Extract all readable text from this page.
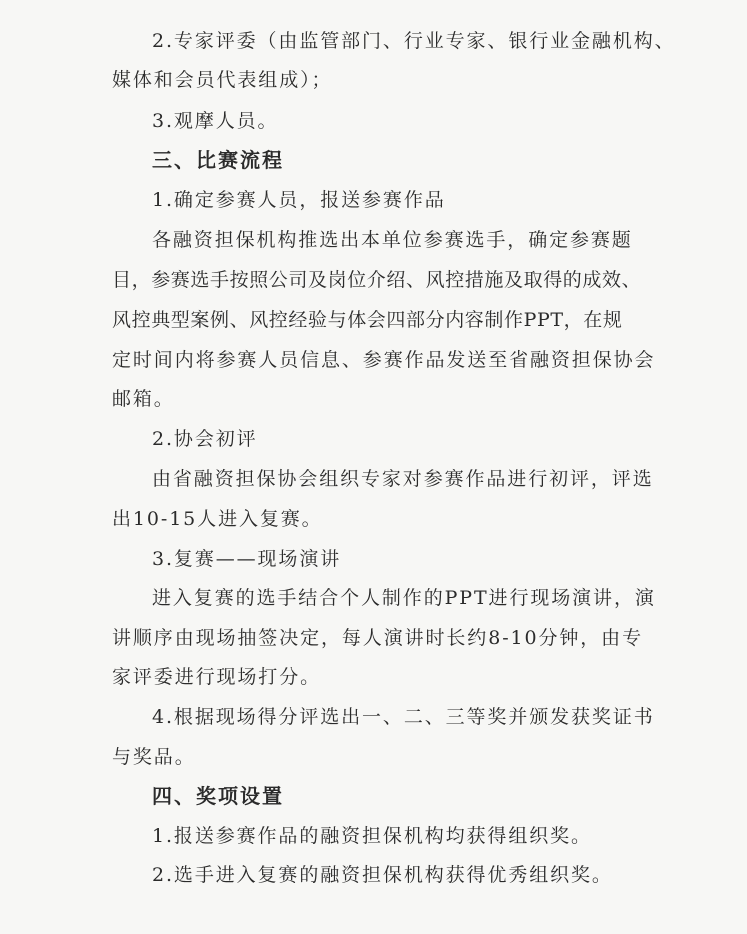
2.专家评委（由监管部门、行业专家、银行业金融机构、
媒体和会员代表组成）；
3.观摩人员。
三、比赛流程
1.确定参赛人员，报送参赛作品
各融资担保机构推选出本单位参赛选手，确定参赛题
目，参赛选手按照公司及岗位介绍、风控措施及取得的成效、
风控典型案例、风控经验与体会四部分内容制作PPT，在规
定时间内将参赛人员信息、参赛作品发送至省融资担保协会
邮箱。
2.协会初评
由省融资担保协会组织专家对参赛作品进行初评，评选
出10-15人进入复赛。
3.复赛——现场演讲
进入复赛的选手结合个人制作的PPT进行现场演讲，演
讲顺序由现场抽签决定，每人演讲时长约8-10分钟，由专
家评委进行现场打分。
4.根据现场得分评选出一、二、三等奖并颁发获奖证书
与奖品。
四、奖项设置
1.报送参赛作品的融资担保机构均获得组织奖。
2.选手进入复赛的融资担保机构获得优秀组织奖。
